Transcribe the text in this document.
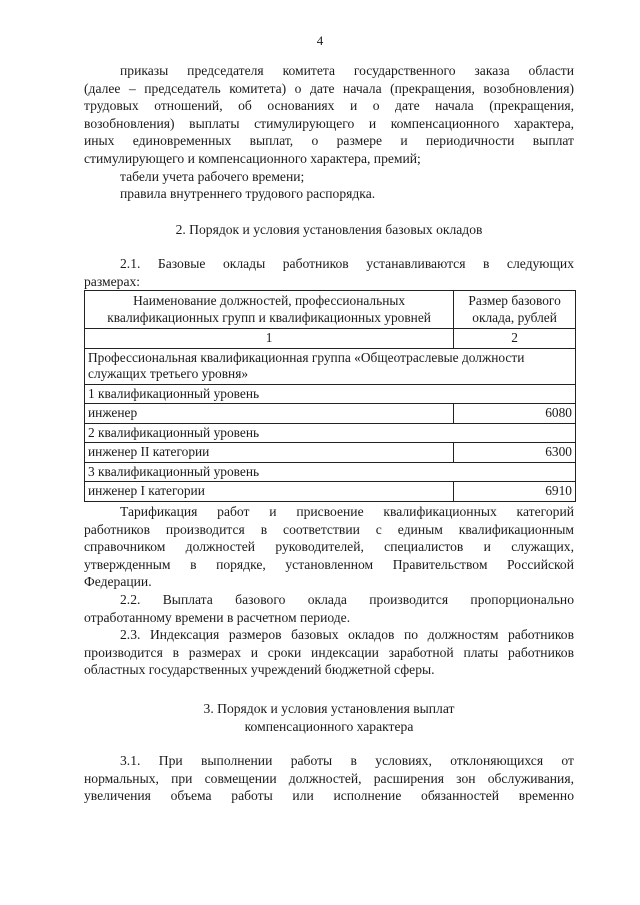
4

приказы председателя комитета государственного заказа области

(далее – председатель комитета) о дате начала (прекращения, возобновления)

трудовых отношений, об основаниях и о дате начала (прекращения,

возобновления) выплаты стимулирующего и компенсационного характера,

иных единовременных выплат, о размере и периодичности выплат

стимулирующего и компенсационного характера, премий;

табели учета рабочего времени;

правила внутреннего трудового распорядка.

2. Порядок и условия установления базовых окладов

2.1. Базовые оклады работников устанавливаются в следующих

размерах:

Наименование должностей, профессиональных квалификационных групп и квалификационных уровней	Размер базового оклада, рублей
1	2
Профессиональная квалификационная группа «Общеотраслевые должности служащих третьего уровня»	
1 квалификационный уровень	
инженер	6080
2 квалификационный уровень	
инженер II категории	6300
3 квалификационный уровень	
инженер I категории	6910

Тарификация работ и присвоение квалификационных категорий

работников производится в соответствии с единым квалификационным

справочником должностей руководителей, специалистов и служащих,

утвержденным в порядке, установленном Правительством Российской

Федерации.

2.2. Выплата базового оклада производится пропорционально

отработанному времени в расчетном периоде.

2.3. Индексация размеров базовых окладов по должностям работников

производится в размерах и сроки индексации заработной платы работников

областных государственных учреждений бюджетной сферы.

3. Порядок и условия установления выплат
компенсационного характера

3.1. При выполнении работы в условиях, отклоняющихся от

нормальных, при совмещении должностей, расширения зон обслуживания,

увеличения объема работы или исполнение обязанностей временно
